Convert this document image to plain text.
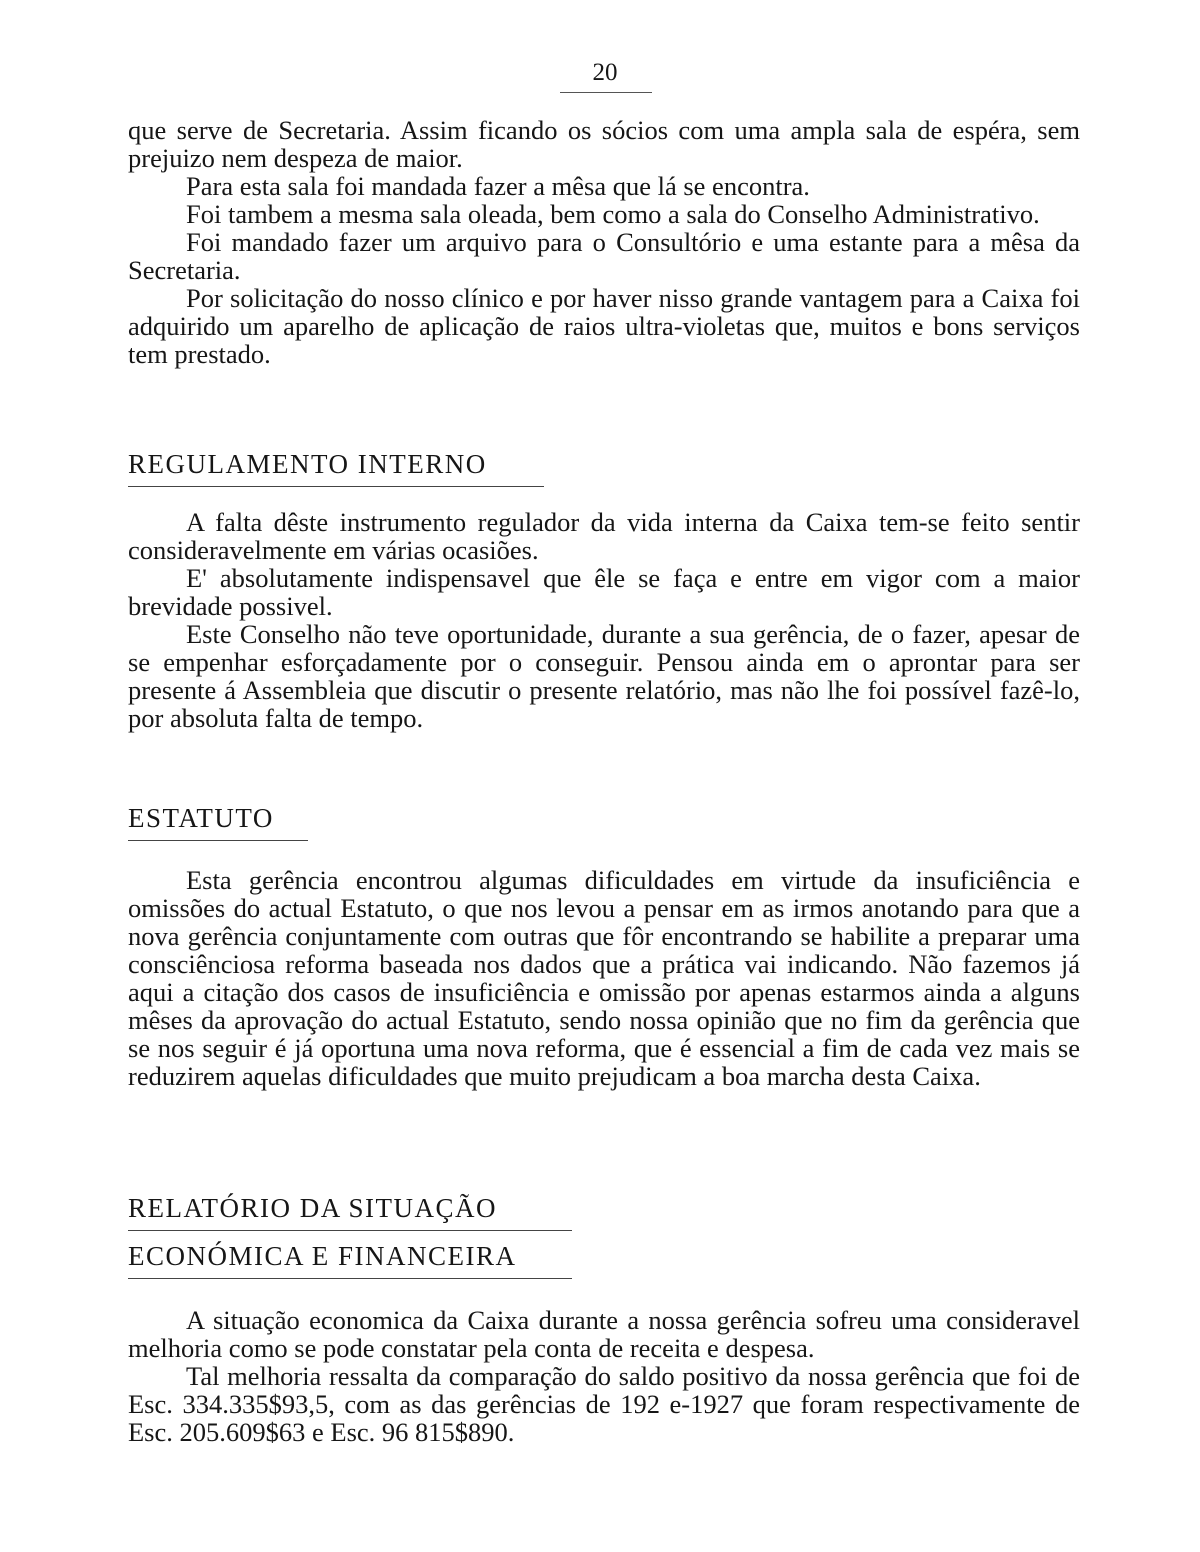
20

que serve de Secretaria. Assim ficando os sócios com uma ampla sala de espéra, sem prejuizo nem despeza de maior.

Para esta sala foi mandada fazer a mêsa que lá se encontra.

Foi tambem a mesma sala oleada, bem como a sala do Conselho Administrativo.

Foi mandado fazer um arquivo para o Consultório e uma estante para a mêsa da Secretaria.

Por solicitação do nosso clínico e por haver nisso grande vantagem para a Caixa foi adquirido um aparelho de aplicação de raios ultra-violetas que, muitos e bons serviços tem prestado.

REGULAMENTO INTERNO

A falta dêste instrumento regulador da vida interna da Caixa tem-se feito sentir consideravelmente em várias ocasiões.

E' absolutamente indispensavel que êle se faça e entre em vigor com a maior brevidade possivel.

Este Conselho não teve oportunidade, durante a sua gerência, de o fazer, apesar de se empenhar esforçadamente por o conseguir. Pensou ainda em o aprontar para ser presente á Assembleia que discutir o presente relatório, mas não lhe foi possível fazê-lo, por absoluta falta de tempo.

ESTATUTO

Esta gerência encontrou algumas dificuldades em virtude da insuficiência e omissões do actual Estatuto, o que nos levou a pensar em as irmos anotando para que a nova gerência conjuntamente com outras que fôr encontrando se habilite a preparar uma consciênciosa reforma baseada nos dados que a prática vai indicando. Não fazemos já aqui a citação dos casos de insuficiência e omissão por apenas estarmos ainda a alguns mêses da aprovação do actual Estatuto, sendo nossa opinião que no fim da gerência que se nos seguir é já oportuna uma nova reforma, que é essencial a fim de cada vez mais se reduzirem aquelas dificuldades que muito prejudicam a boa marcha desta Caixa.

RELATÓRIO DA SITUAÇÃO
ECONÓMICA E FINANCEIRA

A situação economica da Caixa durante a nossa gerência sofreu uma consideravel melhoria como se pode constatar pela conta de receita e despesa.

Tal melhoria ressalta da comparação do saldo positivo da nossa gerência que foi de Esc. 334.335$93,5, com as das gerências de 192 e-1927 que foram respectivamente de Esc. 205.609$63 e Esc. 96 815$890.
